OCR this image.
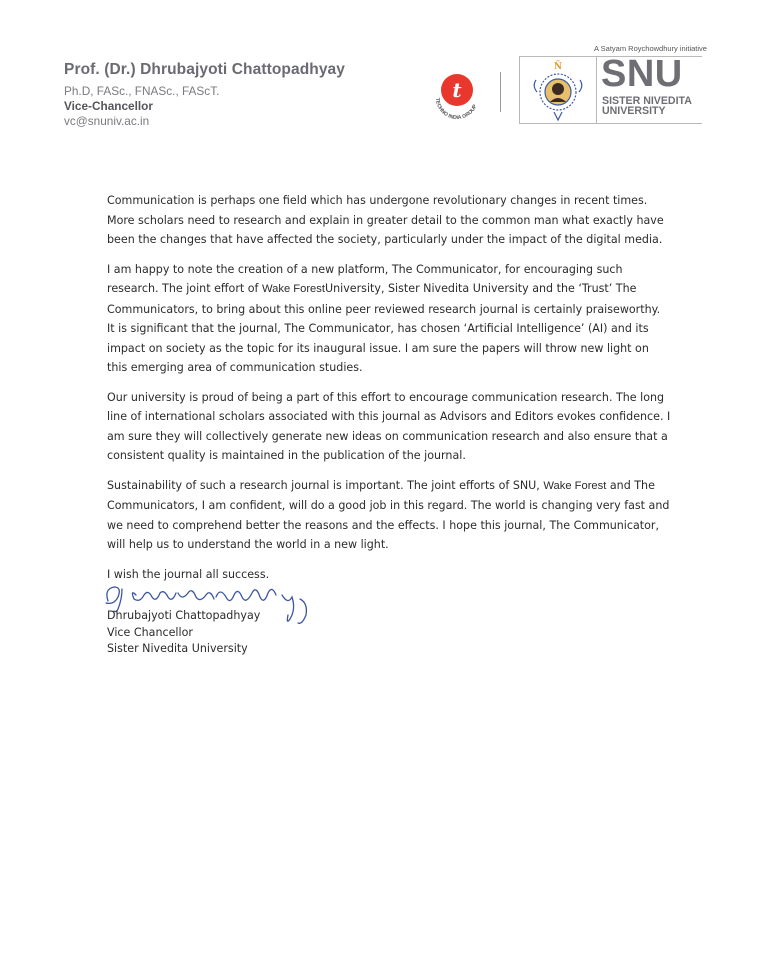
Prof. (Dr.) Dhrubajyoti Chattopadhyay
Ph.D, FASc., FNASc., FAScT.
Vice-Chancellor
vc@snuniv.ac.in
t
TECHNO INDIA GROUP
A Satyam Roychowdhury initiative
Ñ SNU
SISTER NIVEDITA
UNIVERSITY

Communication is perhaps one field which has undergone revolutionary changes in recent times.
More scholars need to research and explain in greater detail to the common man what exactly have
been the changes that have affected the society, particularly under the impact of the digital media.

I am happy to note the creation of a new platform, The Communicator, for encouraging such
research. The joint effort of Wake ForestUniversity, Sister Nivedita University and the ‘Trust’ The
Communicators, to bring about this online peer reviewed research journal is certainly praiseworthy.
It is significant that the journal, The Communicator, has chosen ‘Artificial Intelligence’ (AI) and its
impact on society as the topic for its inaugural issue. I am sure the papers will throw new light on
this emerging area of communication studies.

Our university is proud of being a part of this effort to encourage communication research. The long
line of international scholars associated with this journal as Advisors and Editors evokes confidence. I
am sure they will collectively generate new ideas on communication research and also ensure that a
consistent quality is maintained in the publication of the journal.

Sustainability of such a research journal is important. The joint efforts of SNU, Wake Forest and The
Communicators, I am confident, will do a good job in this regard. The world is changing very fast and
we need to comprehend better the reasons and the effects. I hope this journal, The Communicator,
will help us to understand the world in a new light.

I wish the journal all success.

Dhrubajyoti Chattopadhyay
Vice Chancellor
Sister Nivedita University
